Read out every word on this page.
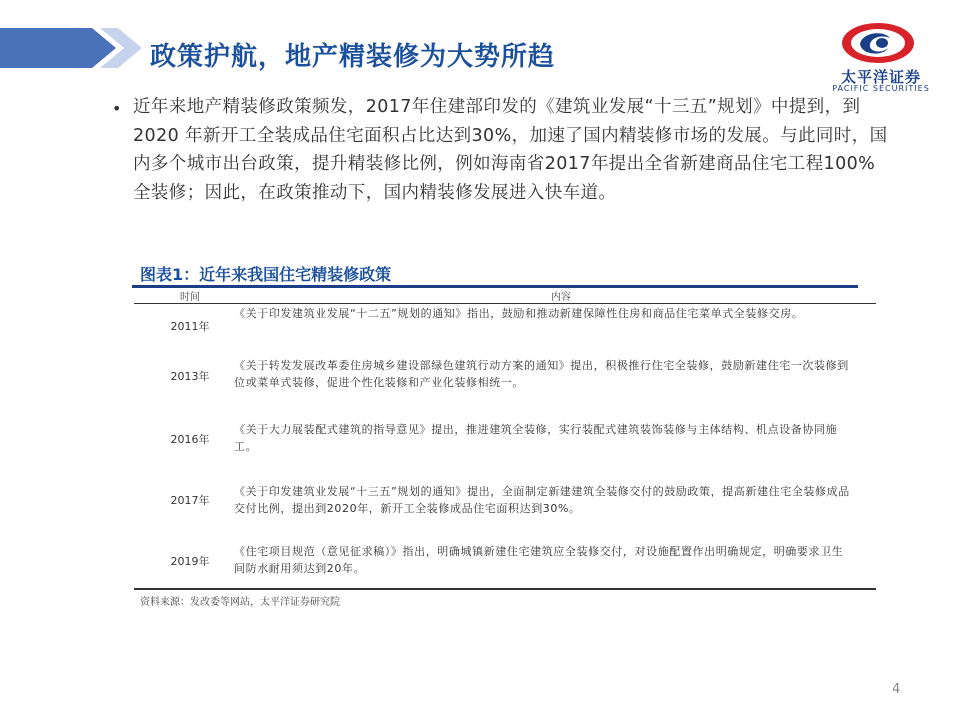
政策护航，地产精装修为大势所趋
太平洋证券
PACIFIC SECURITIES
• 近年来地产精装修政策频发，2017年住建部印发的《建筑业发展“十三五”规划》中提到，到2020 年新开工全装成品住宅面积占比达到30%，加速了国内精装修市场的发展。与此同时，国内多个城市出台政策，提升精装修比例，例如海南省2017年提出全省新建商品住宅工程100%全装修；因此，在政策推动下，国内精装修发展进入快车道。
图表1：近年来我国住宅精装修政策
时间	内容
2011年
《关于印发建筑业发展“十二五”规划的通知》指出，鼓励和推动新建保障性住房和商品住宅菜单式全装修交房。
2013年
《关于转发发展改革委住房城乡建设部绿色建筑行动方案的通知》提出，积极推行住宅全装修，鼓励新建住宅一次装修到位或菜单式装修，促进个性化装修和产业化装修相统一。
2016年
《关于大力展装配式建筑的指导意见》提出，推进建筑全装修，实行装配式建筑装饰装修与主体结构、机点设备协同施工。
2017年
《关于印发建筑业发展“十三五”规划的通知》提出，全面制定新建建筑全装修交付的鼓励政策，提高新建住宅全装修成品交付比例，提出到2020年，新开工全装修成品住宅面积达到30%。
2019年
《住宅项目规范（意见征求稿）》指出，明确城镇新建住宅建筑应全装修交付，对设施配置作出明确规定，明确要求卫生间防水耐用须达到20年。
资料来源：发改委等网站，太平洋证券研究院
4
